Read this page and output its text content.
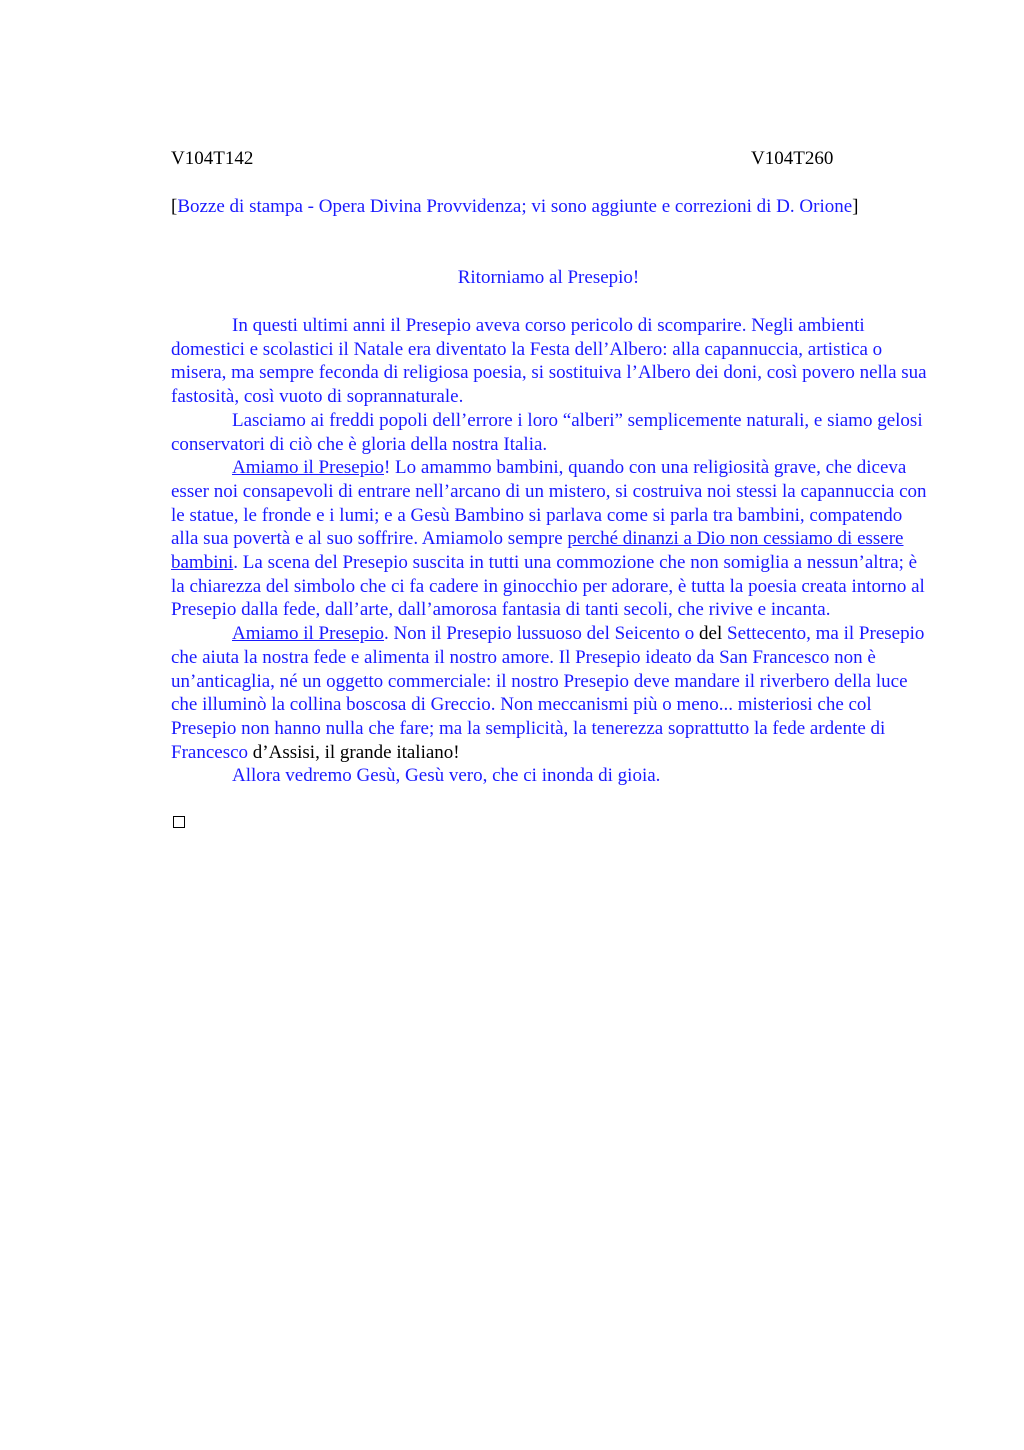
V104T142	V104T260
[Bozze di stampa - Opera Divina Provvidenza; vi sono aggiunte e correzioni di D. Orione]
Ritorniamo al Presepio!

In questi ultimi anni il Presepio aveva corso pericolo di scomparire. Negli ambienti domestici e scolastici il Natale era diventato la Festa dell’Albero: alla capannuccia, artistica o misera, ma sempre feconda di religiosa poesia, si sostituiva l’Albero dei doni, così povero nella sua fastosità, così vuoto di soprannaturale.

Lasciamo ai freddi popoli dell’errore i loro “alberi” semplicemente naturali, e siamo gelosi conservatori di ciò che è gloria della nostra Italia.

Amiamo il Presepio! Lo amammo bambini, quando con una religiosità grave, che diceva esser noi consapevoli di entrare nell’arcano di un mistero, si costruiva noi stessi la capannuccia con le statue, le fronde e i lumi; e a Gesù Bambino si parlava come si parla tra bambini, compatendo alla sua povertà e al suo soffrire. Amiamolo sempre perché dinanzi a Dio non cessiamo di essere bambini. La scena del Presepio suscita in tutti una commozione che non somiglia a nessun’altra; è la chiarezza del simbolo che ci fa cadere in ginocchio per adorare, è tutta la poesia creata intorno al Presepio dalla fede, dall’arte, dall’amorosa fantasia di tanti secoli, che rivive e incanta.

Amiamo il Presepio. Non il Presepio lussuoso del Seicento o del Settecento, ma il Presepio che aiuta la nostra fede e alimenta il nostro amore. Il Presepio ideato da San Francesco non è un’anticaglia, né un oggetto commerciale: il nostro Presepio deve mandare il riverbero della luce che illuminò la collina boscosa di Greccio. Non meccanismi più o meno... misteriosi che col Presepio non hanno nulla che fare; ma la semplicità, la tenerezza soprattutto la fede ardente di Francesco d’Assisi, il grande italiano!

Allora vedremo Gesù, Gesù vero, che ci inonda di gioia.
